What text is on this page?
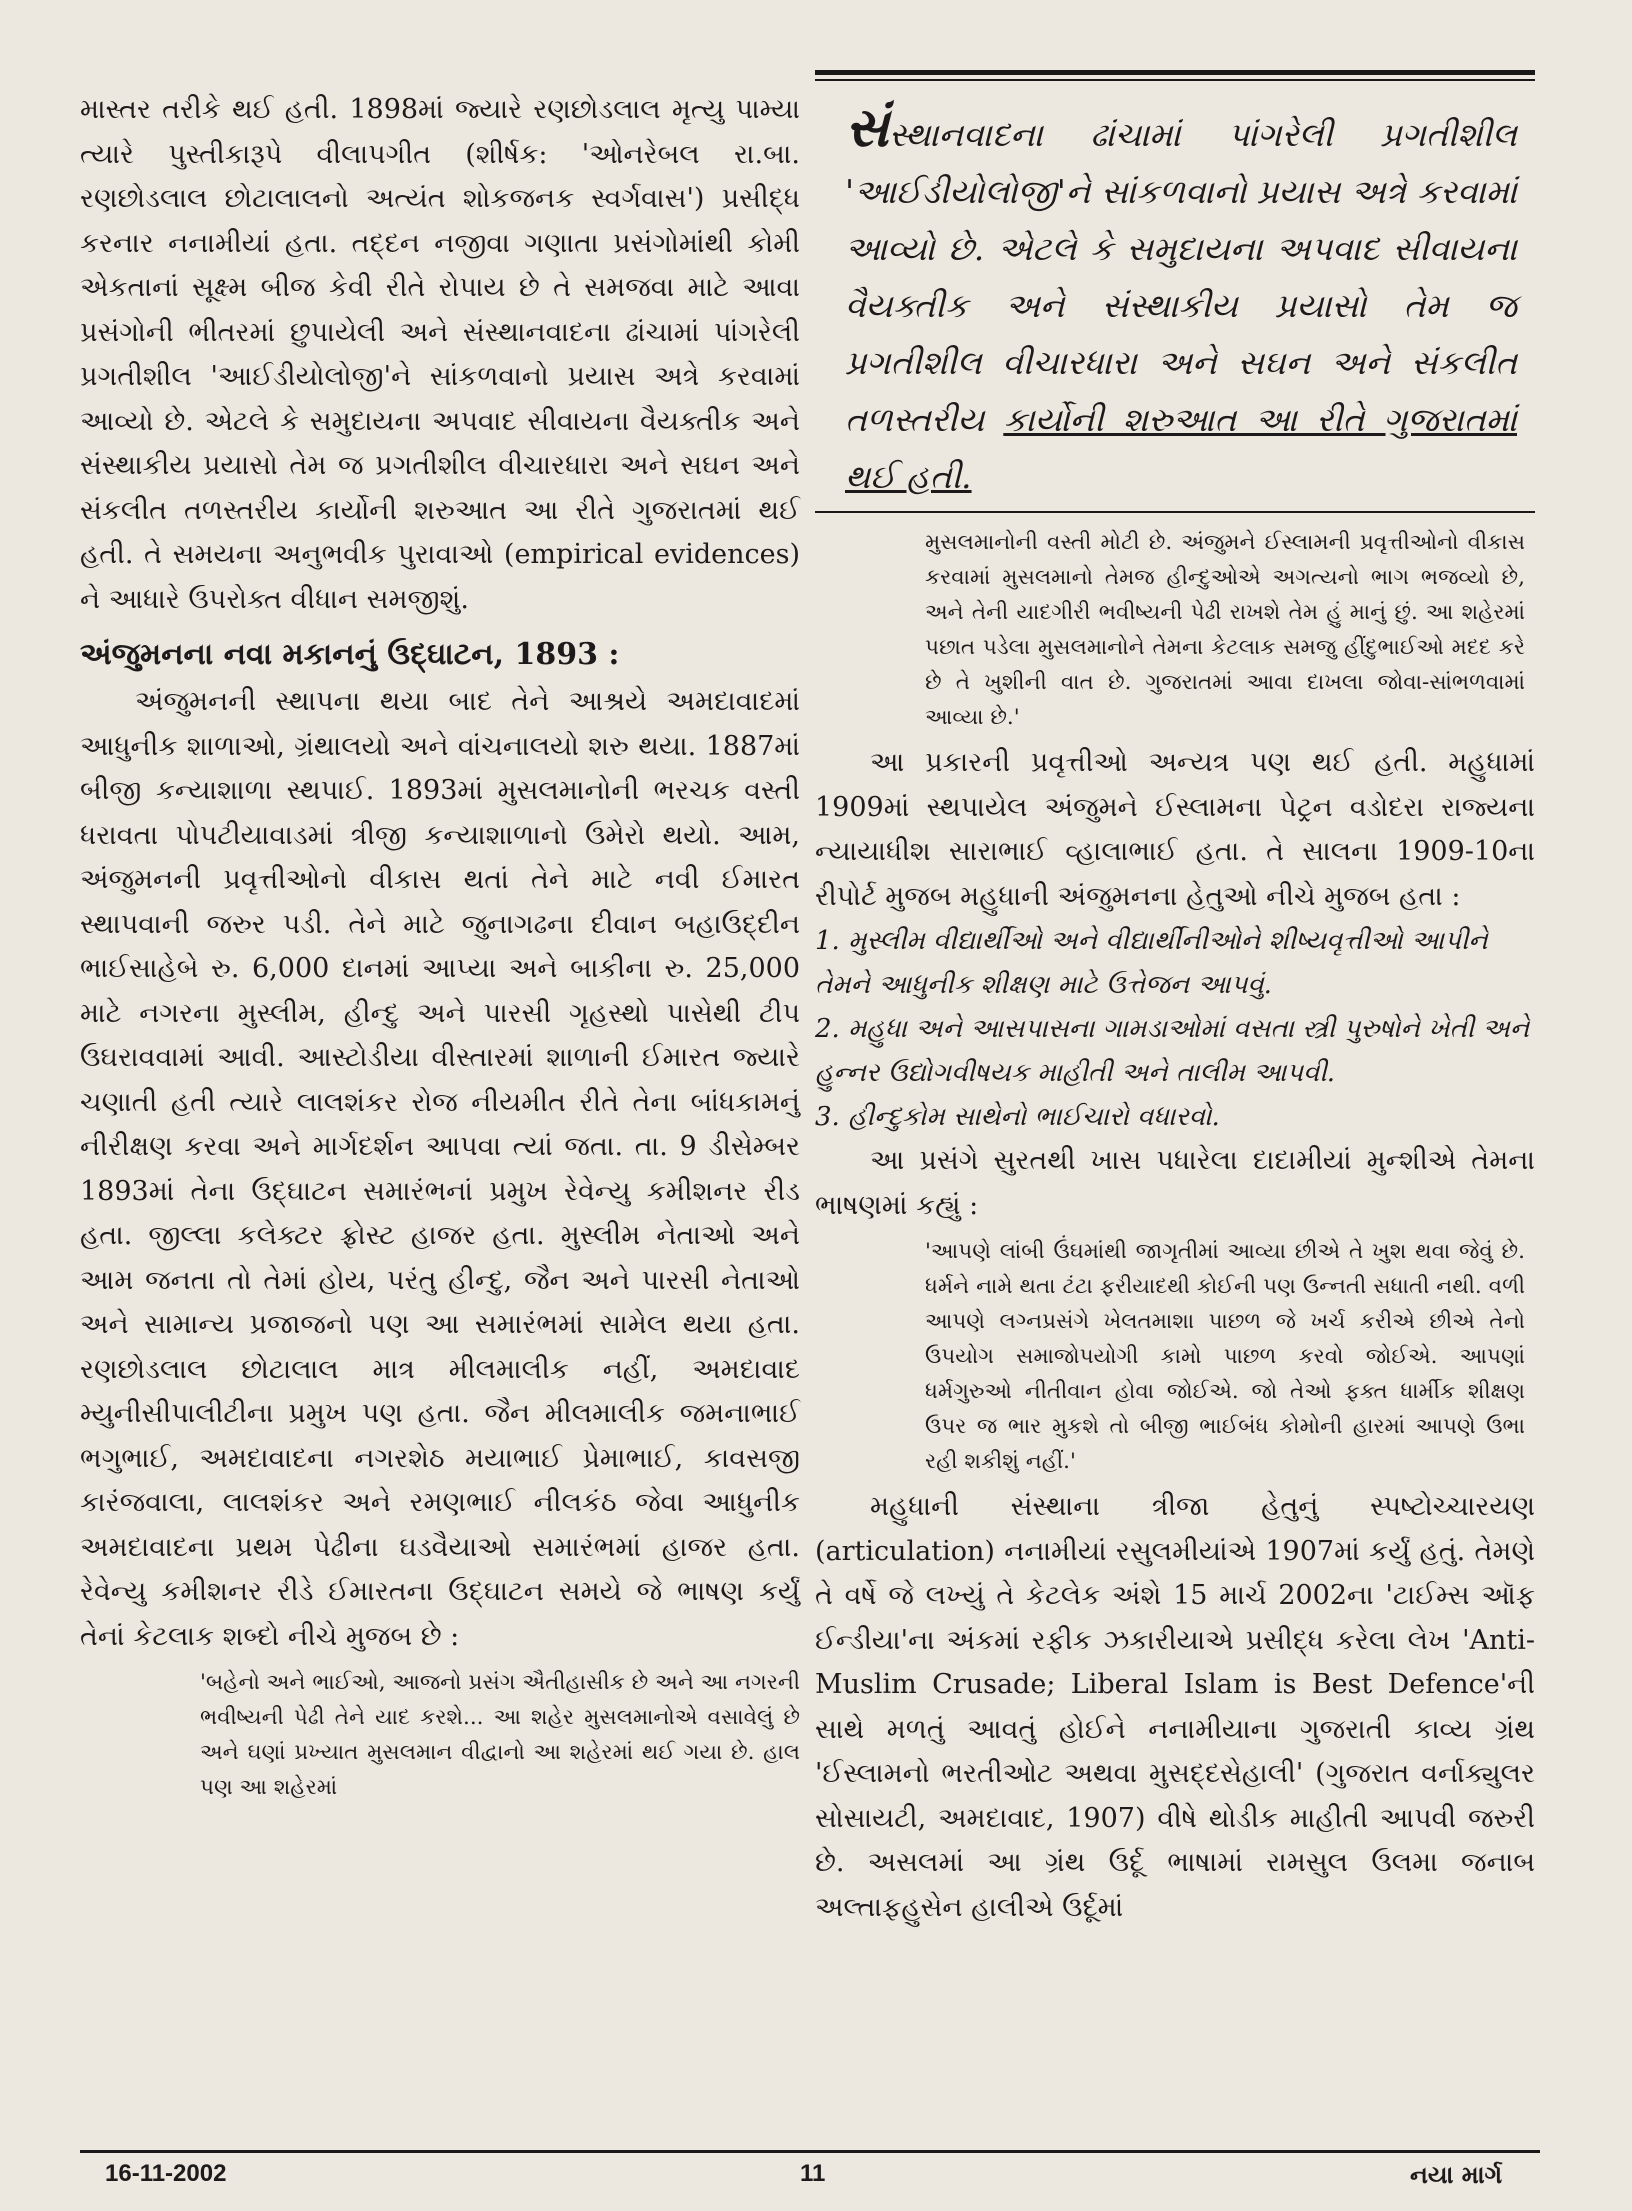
માસ્તર તરીકે થઈ હતી. 1898માં જ્યારે રણછોડલાલ મૃત્યુ પામ્યા ત્યારે પુસ્તીકારૂપે વીલાપગીત (શીર્ષક: 'ઓનરેબલ રા.બા. રણછોડલાલ છોટાલાલનો અત્યંત શોકજનક સ્વર્ગવાસ') પ્રસીદ્ધ કરનાર નનામીયાં હતા. તદ્દન નજીવા ગણાતા પ્રસંગોમાંથી કોમી એકતાનાં સૂક્ષ્મ બીજ કેવી રીતે રોપાય છે તે સમજવા માટે આવા પ્રસંગોની ભીતરમાં છુપાયેલી અને સંસ્થાનવાદના ઢાંચામાં પાંગરેલી પ્રગતીશીલ 'આઈડીયોલોજી'ને સાંકળવાનો પ્રયાસ અત્રે કરવામાં આવ્યો છે. એટલે કે સમુદાયના અપવાદ સીવાયના વૈયક્તીક અને સંસ્થાકીય પ્રયાસો તેમ જ પ્રગતીશીલ વીચારધારા અને સઘન અને સંકલીત તળસ્તરીય કાર્યોની શરુઆત આ રીતે ગુજરાતમાં થઈ હતી. તે સમયના અનુભવીક પુરાવાઓ (empirical evidences) ને આધારે ઉપરોક્ત વીધાન સમજીશું.

અંજુમનના નવા મકાનનું ઉદ્ઘાટન, 1893 :

અંજુમનની સ્થાપના થયા બાદ તેને આશ્રયે અમદાવાદમાં આધુનીક શાળાઓ, ગ્રંથાલયો અને વાંચનાલયો શરુ થયા. 1887માં બીજી કન્યાશાળા સ્થપાઈ. 1893માં મુસલમાનોની ભરચક વસ્તી ધરાવતા પોપટીયાવાડમાં ત્રીજી કન્યાશાળાનો ઉમેરો થયો. આમ, અંજુમનની પ્રવૃત્તીઓનો વીકાસ થતાં તેને માટે નવી ઈમારત સ્થાપવાની જરુર પડી. તેને માટે જુનાગઢના દીવાન બહાઉદ્દીન ભાઈસાહેબે રુ. 6,000 દાનમાં આપ્યા અને બાકીના રુ. 25,000 માટે નગરના મુસ્લીમ, હીન્દુ અને પારસી ગૃહસ્થો પાસેથી ટીપ ઉઘરાવવામાં આવી. આસ્ટોડીયા વીસ્તારમાં શાળાની ઈમારત જ્યારે ચણાતી હતી ત્યારે લાલશંકર રોજ નીયમીત રીતે તેના બાંધકામનું નીરીક્ષણ કરવા અને માર્ગદર્શન આપવા ત્યાં જતા. તા. 9 ડીસેમ્બર 1893માં તેના ઉદ્ઘાટન સમારંભનાં પ્રમુખ રેવેન્યુ કમીશનર રીડ હતા. જીલ્લા કલેક્ટર ફ્રોસ્ટ હાજર હતા. મુસ્લીમ નેતાઓ અને આમ જનતા તો તેમાં હોય, પરંતુ હીન્દુ, જૈન અને પારસી નેતાઓ અને સામાન્ય પ્રજાજનો પણ આ સમારંભમાં સામેલ થયા હતા. રણછોડલાલ છોટાલાલ માત્ર મીલમાલીક નહીં, અમદાવાદ મ્યુનીસીપાલીટીના પ્રમુખ પણ હતા. જૈન મીલમાલીક જમનાભાઈ ભગુભાઈ, અમદાવાદના નગરશેઠ મયાભાઈ પ્રેમાભાઈ, કાવસજી કારંજવાલા, લાલશંકર અને રમણભાઈ નીલકંઠ જેવા આધુનીક અમદાવાદના પ્રથમ પેઢીના ઘડવૈયાઓ સમારંભમાં હાજર હતા. રેવેન્યુ કમીશનર રીડે ઈમારતના ઉદ્ઘાટન સમયે જે ભાષણ કર્યું તેનાં કેટલાક શબ્દો નીચે મુજબ છે :

'બહેનો અને ભાઈઓ, આજનો પ્રસંગ ઐતીહાસીક છે અને આ નગરની ભવીષ્યની પેઢી તેને યાદ કરશે... આ શહેર મુસલમાનોએ વસાવેલું છે અને ઘણાં પ્રખ્યાત મુસલમાન વીદ્વાનો આ શહેરમાં થઈ ગયા છે. હાલ પણ આ શહેરમાં

સંસ્થાનવાદના ઢાંચામાં પાંગરેલી પ્રગતીશીલ 'આઈડીયોલોજી'ને સાંકળવાનો પ્રયાસ અત્રે કરવામાં આવ્યો છે. એટલે કે સમુદાયના અપવાદ સીવાયના વૈયક્તીક અને સંસ્થાકીય પ્રયાસો તેમ જ પ્રગતીશીલ વીચારધારા અને સઘન અને સંકલીત તળસ્તરીય કાર્યોની શરુઆત આ રીતે ગુજરાતમાં થઈ હતી.

મુસલમાનોની વસ્તી મોટી છે. અંજુમને ઈસ્લામની પ્રવૃત્તીઓનો વીકાસ કરવામાં મુસલમાનો તેમજ હીન્દુઓએ અગત્યનો ભાગ ભજવ્યો છે, અને તેની યાદગીરી ભવીષ્યની પેઢી રાખશે તેમ હું માનું છું. આ શહેરમાં પછાત પડેલા મુસલમાનોને તેમના કેટલાક સમજુ હીંદુભાઈઓ મદદ કરે છે તે ખુશીની વાત છે. ગુજરાતમાં આવા દાખલા જોવા-સાંભળવામાં આવ્યા છે.'

આ પ્રકારની પ્રવૃત્તીઓ અન્યત્ર પણ થઈ હતી. મહુધામાં 1909માં સ્થપાયેલ અંજુમને ઈસ્લામના પેટ્રન વડોદરા રાજ્યના ન્યાયાધીશ સારાભાઈ વ્હાલાભાઈ હતા. તે સાલના 1909-10ના રીપોર્ટ મુજબ મહુધાની અંજુમનના હેતુઓ નીચે મુજબ હતા :

1. મુસ્લીમ વીદ્યાર્થીઓ અને વીદ્યાર્થીનીઓને શીષ્યવૃત્તીઓ આપીને તેમને આધુનીક શીક્ષણ માટે ઉત્તેજન આપવું.

2. મહુધા અને આસપાસના ગામડાઓમાં વસતા સ્ત્રી પુરુષોને ખેતી અને હુન્નર ઉદ્યોગવીષયક માહીતી અને તાલીમ આપવી.

3. હીન્દુકોમ સાથેનો ભાઈચારો વધારવો.

આ પ્રસંગે સુરતથી ખાસ પધારેલા દાદામીયાં મુન્શીએ તેમના ભાષણમાં કહ્યું :

'આપણે લાંબી ઉંઘમાંથી જાગૃતીમાં આવ્યા છીએ તે ખુશ થવા જેવું છે. ધર્મને નામે થતા ટંટા ફરીયાદથી કોઈની પણ ઉન્નતી સધાતી નથી. વળી આપણે લગ્નપ્રસંગે ખેલતમાશા પાછળ જે ખર્ચ કરીએ છીએ તેનો ઉપયોગ સમાજોપયોગી કામો પાછળ કરવો જોઈએ. આપણાં ધર્મગુરુઓ નીતીવાન હોવા જોઈએ. જો તેઓ ફક્ત ધાર્મીક શીક્ષણ ઉપર જ ભાર મુકશે તો બીજી ભાઈબંધ કોમોની હારમાં આપણે ઉભા રહી શકીશું નહીં.'

મહુધાની સંસ્થાના ત્રીજા હેતુનું સ્પષ્ટોચ્ચારયણ (articulation) નનામીયાં રસુલમીયાંએ 1907માં કર્યું હતું. તેમણે તે વર્ષે જે લખ્યું તે કેટલેક અંશે 15 માર્ચ 2002ના 'ટાઈમ્સ ઑફ ઈન્ડીયા'ના અંકમાં રફીક ઝકારીયાએ પ્રસીદ્ધ કરેલા લેખ 'Anti-Muslim Crusade; Liberal Islam is Best Defence'ની સાથે મળતું આવતું હોઈને નનામીયાના ગુજરાતી કાવ્ય ગ્રંથ 'ઈસ્લામનો ભરતીઓટ અથવા મુસદ્દસેહાલી' (ગુજરાત વર્નાક્યુલર સોસાયટી, અમદાવાદ, 1907) વીષે થોડીક માહીતી આપવી જરુરી છે. અસલમાં આ ગ્રંથ ઉર્દૂ ભાષામાં રામસુલ ઉલમા જનાબ અલ્તાફહુસેન હાલીએ ઉર્દૂમાં

16-11-2002	11	નયા માર્ગ
